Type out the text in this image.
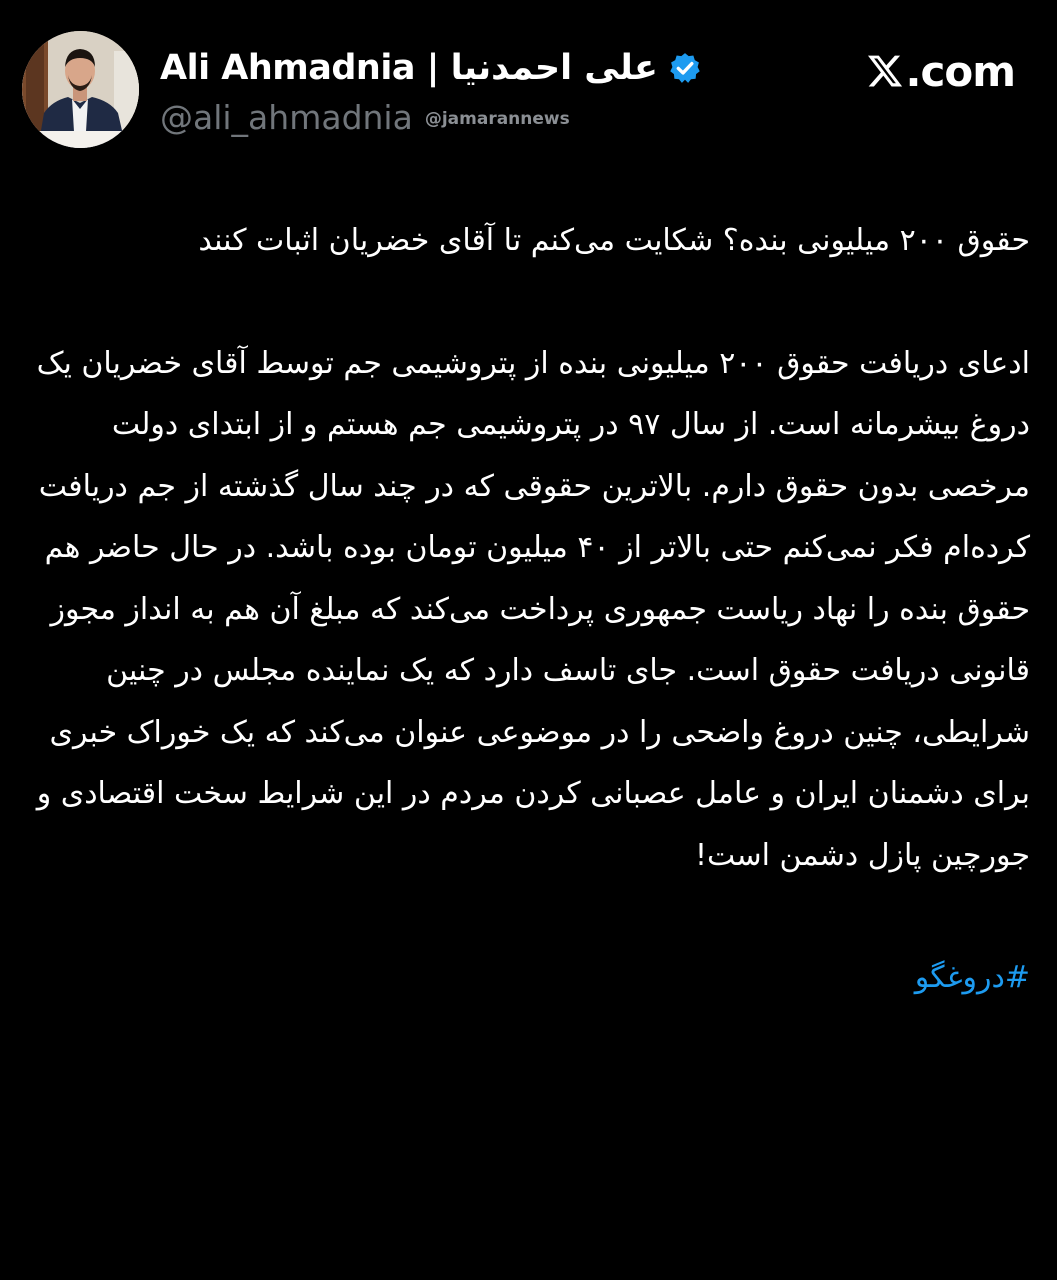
Ali Ahmadnia | علی احمدنیا
@ali_ahmadnia @jamarannews
.com

حقوق ۲۰۰ میلیونی بنده؟ شکایت می‌کنم تا آقای خضریان اثبات کنند

ادعای دریافت حقوق ۲۰۰ میلیونی بنده از پتروشیمی جم توسط آقای خضریان یک دروغ بیشرمانه است. از سال ۹۷ در پتروشیمی جم هستم و از ابتدای دولت مرخصی بدون حقوق دارم. بالاترین حقوقی که در چند سال گذشته از جم دریافت کرده‌ام فکر نمی‌کنم حتی بالاتر از ۴۰ میلیون تومان بوده باشد. در حال حاضر هم حقوق بنده را نهاد ریاست جمهوری پرداخت می‌کند که مبلغ آن هم به انداز مجوز قانونی دریافت حقوق است. جای تاسف دارد که یک نماینده مجلس در چنین شرایطی، چنین دروغ واضحی را در موضوعی عنوان می‌کند که یک خوراک خبری برای دشمنان ایران و عامل عصبانی کردن مردم در این شرایط سخت اقتصادی و جورچین پازل دشمن است!

#دروغگو
